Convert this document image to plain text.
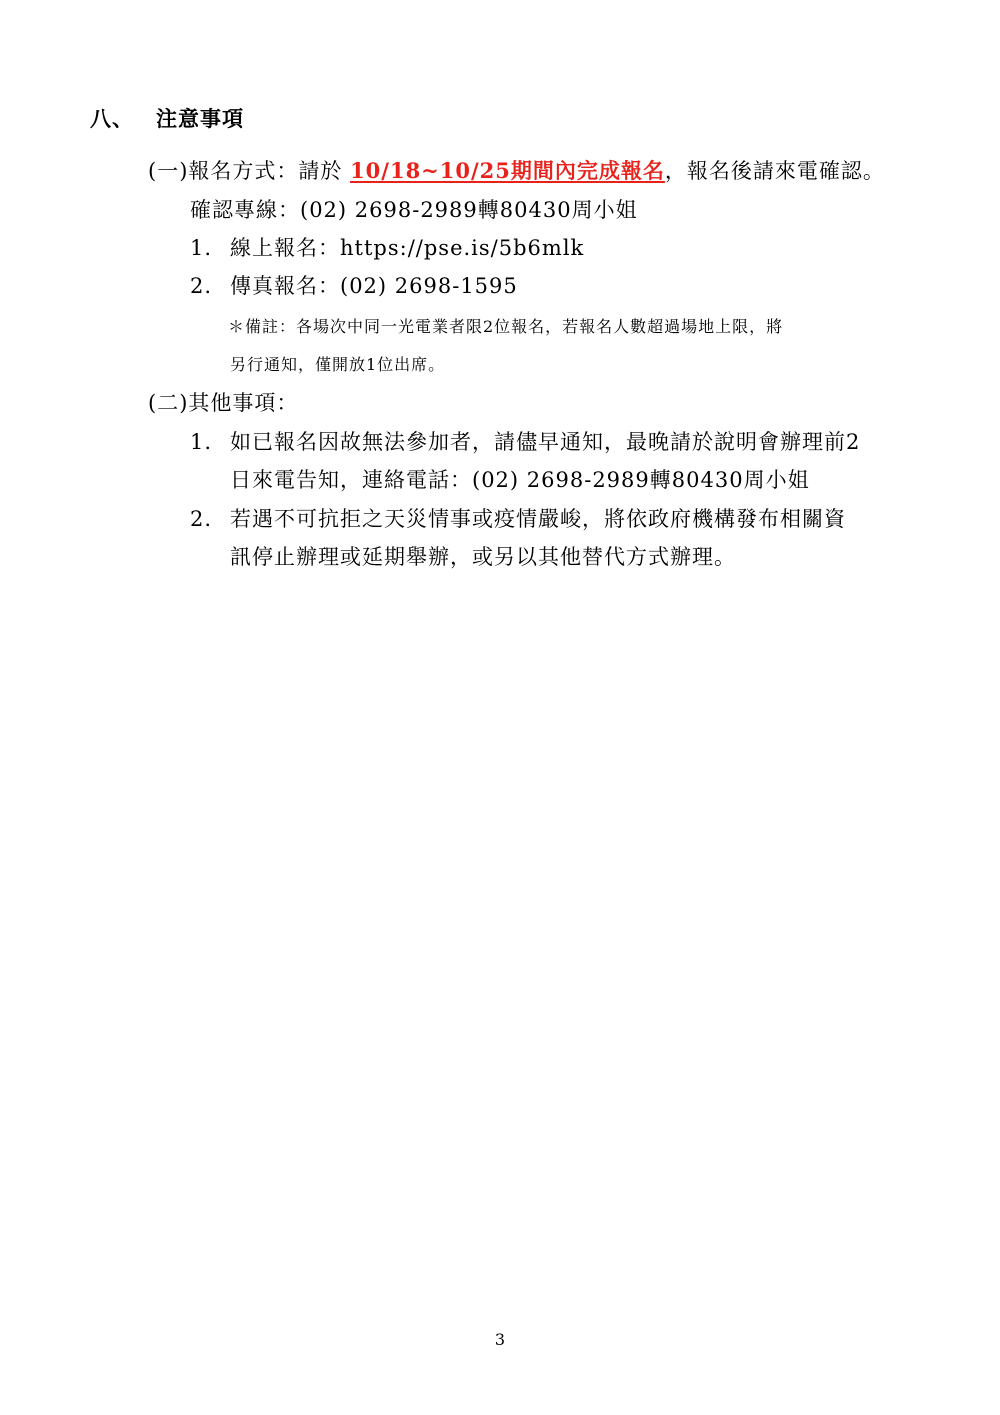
八、 注意事項
(一)報名方式：請於 10/18~10/25期間內完成報名，報名後請來電確認。
確認專線：(02) 2698-2989轉80430周小姐
1. 線上報名：https://pse.is/5b6mlk
2. 傳真報名：(02) 2698-1595
＊備註：各場次中同一光電業者限2位報名，若報名人數超過場地上限，將
另行通知，僅開放1位出席。
(二)其他事項：
1. 如已報名因故無法參加者，請儘早通知，最晚請於說明會辦理前2
日來電告知，連絡電話：(02) 2698-2989轉80430周小姐
2. 若遇不可抗拒之天災情事或疫情嚴峻，將依政府機構發布相關資
訊停止辦理或延期舉辦，或另以其他替代方式辦理。
3
